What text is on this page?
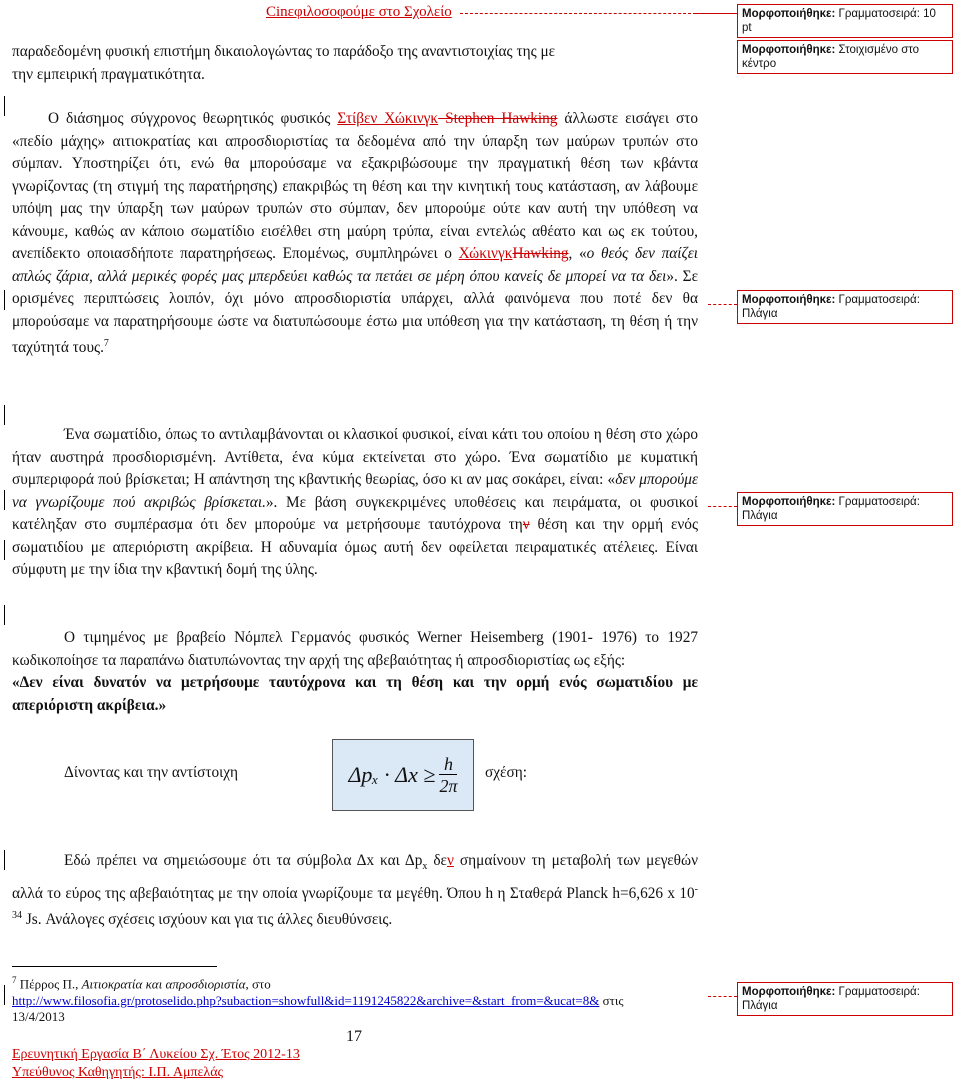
Cinεφιλοσοφούμε στο Σχολείο	Μορφοποιήθηκε: Γραμματοσειρά: 10 pt
Μορφοποιήθηκε: Στοιχισμένο στο κέντρο
Μορφοποιήθηκε: Γραμματοσειρά: Πλάγια
Μορφοποιήθηκε: Γραμματοσειρά: Πλάγια
Μορφοποιήθηκε: Γραμματοσειρά: Πλάγια
παραδεδομένη φυσική επιστήμη δικαιολογώντας το παράδοξο της αναντιστοιχίας της με
την εμπειρική πραγματικότητα.
Ο διάσημος σύγχρονος θεωρητικός φυσικός Στίβεν Χώκινγκ Stephen Hawking άλλωστε εισάγει στο «πεδίο μάχης» αιτιοκρατίας και απροσδιοριστίας τα δεδομένα από την ύπαρξη των μαύρων τρυπών στο σύμπαν. Υποστηρίζει ότι, ενώ θα μπορούσαμε να εξακριβώσουμε την πραγματική θέση των κβάντα γνωρίζοντας (τη στιγμή της παρατήρησης) επακριβώς τη θέση και την κινητική τους κατάσταση, αν λάβουμε υπόψη μας την ύπαρξη των μαύρων τρυπών στο σύμπαν, δεν μπορούμε ούτε καν αυτή την υπόθεση να κάνουμε, καθώς αν κάποιο σωματίδιο εισέλθει στη μαύρη τρύπα, είναι εντελώς αθέατο και ως εκ τούτου, ανεπίδεκτο οποιασδήποτε παρατηρήσεως. Επομένως, συμπληρώνει ο ΧώκινγκHawking, «ο θεός δεν παίζει απλώς ζάρια, αλλά μερικές φορές μας μπερδεύει καθώς τα πετάει σε μέρη όπου κανείς δε μπορεί να τα δει». Σε ορισμένες περιπτώσεις λοιπόν, όχι μόνο απροσδιοριστία υπάρχει, αλλά φαινόμενα που ποτέ δεν θα μπορούσαμε να παρατηρήσουμε ώστε να διατυπώσουμε έστω μια υπόθεση για την κατάσταση, τη θέση ή την ταχύτητά τους.$^7$
Ένα σωματίδιο, όπως το αντιλαμβάνονται οι κλασικοί φυσικοί, είναι κάτι του οποίου η θέση στο χώρο ήταν αυστηρά προσδιορισμένη. Αντίθετα, ένα κύμα εκτείνεται στο χώρο. Ένα σωματίδιο με κυματική συμπεριφορά πού βρίσκεται; Η απάντηση της κβαντικής θεωρίας, όσο κι αν μας σοκάρει, είναι: «δεν μπορούμε να γνωρίζουμε πού ακριβώς βρίσκεται.». Με βάση συγκεκριμένες υποθέσεις και πειράματα, οι φυσικοί κατέληξαν στο συμπέρασμα ότι δεν μπορούμε να μετρήσουμε ταυτόχρονα την θέση και την ορμή ενός σωματιδίου με απεριόριστη ακρίβεια. Η αδυναμία όμως αυτή δεν οφείλεται πειραματικές ατέλειες. Είναι σύμφυτη με την ίδια την κβαντική δομή της ύλης.
Ο τιμημένος με βραβείο Νόμπελ Γερμανός φυσικός Werner Heisemberg (1901- 1976) το 1927 κωδικοποίησε τα παραπάνω διατυπώνοντας την αρχή της αβεβαιότητας ή απροσδιοριστίας ως εξής:
«Δεν είναι δυνατόν να μετρήσουμε ταυτόχρονα και τη θέση και την ορμή ενός σωματιδίου με απεριόριστη ακρίβεια.»
Δίνοντας και την αντίστοιχη	$\Delta p_x \cdot \Delta x \ge \frac{h}{2\pi} \sigma\chi έ\sigma\eta$:
Εδώ πρέπει να σημειώσουμε ότι τα σύμβολα Δx και $\Delta p_x$ δεν σημαίνουν τη μεταβολή των μεγεθών αλλά το εύρος της αβεβαιότητας με την οποία γνωρίζουμε τα μεγέθη. Όπου h η Σταθερά Planck h=6,626 x $10^{-34}$ Js. Ανάλογες σχέσεις ισχύουν και για τις άλλες διευθύνσεις.
$^7$ Πέρρος Π., Αιτιοκρατία και απροσδιοριστία, στο
http://www.filosofia.gr/protoselido.php?subaction=showfull&id=1191245822&archive=&start_from=&ucat=8& στις
13/4/2013
17
Ερευνητική Εργασία Β΄ Λυκείου Σχ. Έτος 2012-13
Υπεύθυνος Καθηγητής: Ι.Π. Αμπελάς
